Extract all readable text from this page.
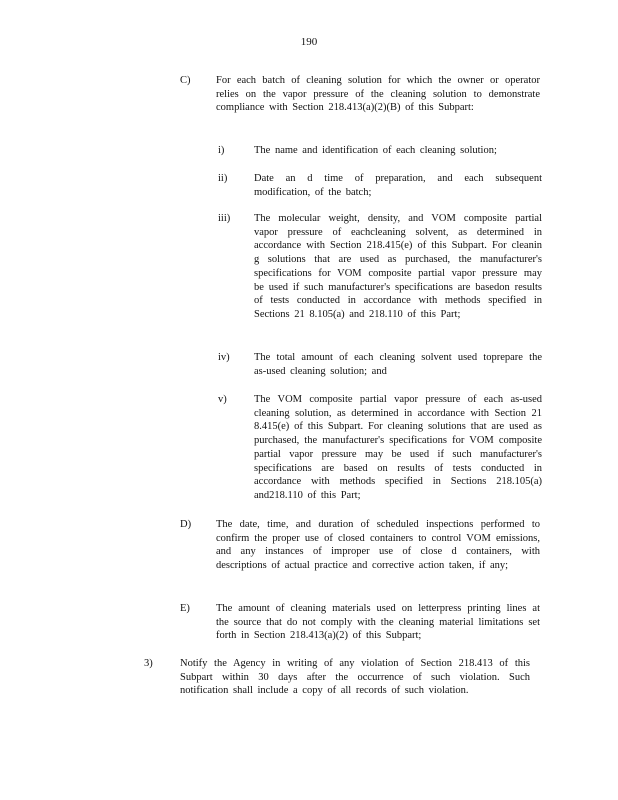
190
C) For each batch of cleaning solution for which the owner or operator relies on the vapor pressure of the cleaning solution to demonstrate compliance with Section 218.413(a)(2)(B) of this Subpart:
i)	The name and identification of each cleaning solution;
ii)	Date an d time of preparation, and each subsequent modification, of the batch;
iii) The molecular weight, density, and VOM composite partial vapor pressure of eachcleaning solvent, as determined in accordance with Section 218.415(e) of this Subpart. For cleanin g solutions that are used as purchased, the manufacturer's specifications for VOM composite partial vapor pressure may be used if such manufacturer's specifications are basedon results of tests conducted in accordance with methods specified in Sections 21 8.105(a) and 218.110 of this Part;
iv) The total amount of each cleaning solvent used toprepare the as-used cleaning solution; and
v)	The VOM composite partial vapor pressure of each as-used cleaning solution, as determined in accordance with Section 21 8.415(e) of this Subpart. For cleaning solutions that are used as purchased, the manufacturer's specifications for VOM composite partial vapor pressure may be used if such manufacturer's specifications are based on results of tests conducted in accordance with methods specified in Sections 218.105(a) and218.110 of this Part;
D) The date, time, and duration of scheduled inspections performed to confirm the proper use of closed containers to control VOM emissions, and any instances of improper use of close d containers, with descriptions of actual practice and corrective action taken, if any;
E) The amount of cleaning materials used on letterpress printing lines at the source that do not comply with the cleaning material limitations set forth in Section 218.413(a)(2) of this Subpart;
3)	Notify the Agency in writing of any violation of Section 218.413 of this Subpart within 30 days after the occurrence of such violation. Such notification shall include a copy of all records of such violation.
